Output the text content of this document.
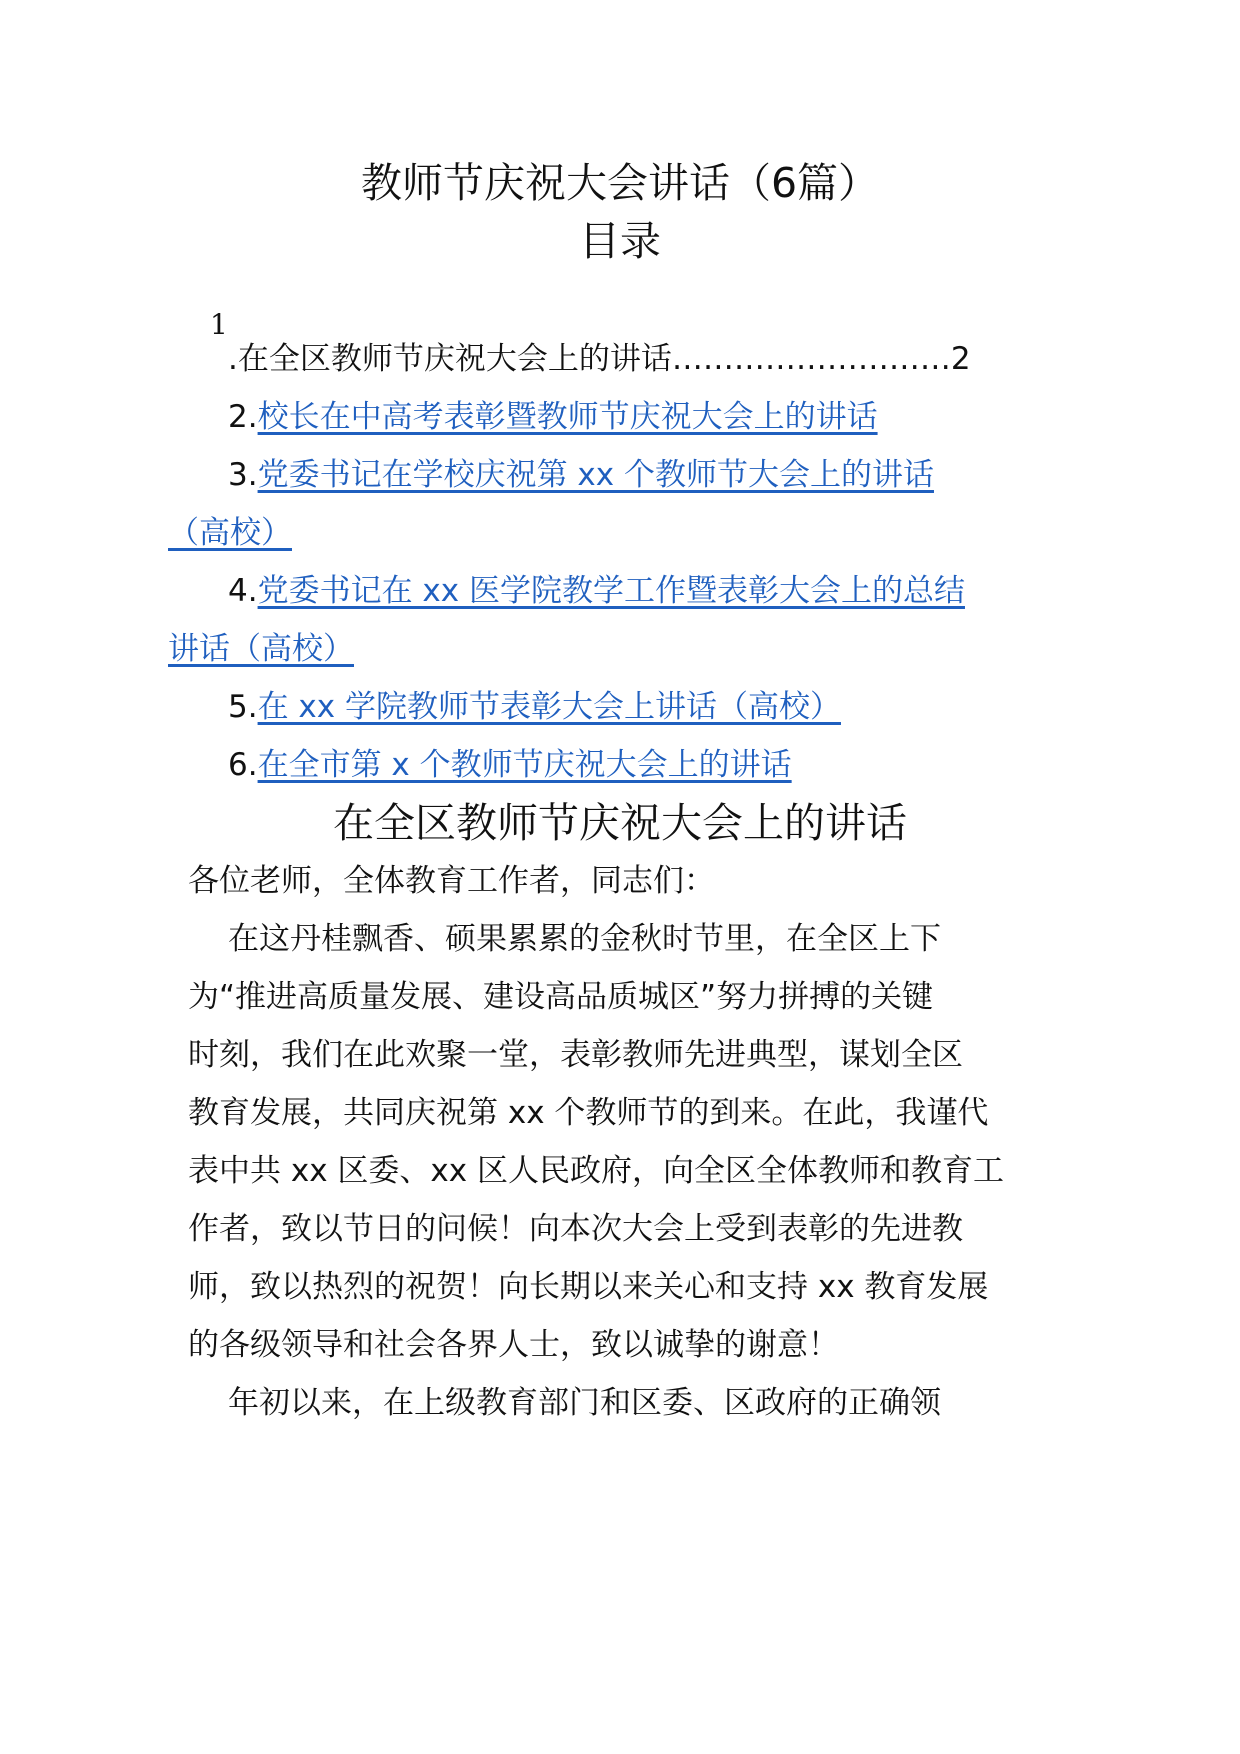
教师节庆祝大会讲话（6篇）
目录
1
.在全区教师节庆祝大会上的讲话………………………2
2.校长在中高考表彰暨教师节庆祝大会上的讲话
3.党委书记在学校庆祝第 xx 个教师节大会上的讲话
（高校）
4.党委书记在 xx 医学院教学工作暨表彰大会上的总结
讲话（高校）
5.在 xx 学院教师节表彰大会上讲话（高校）
6.在全市第 x 个教师节庆祝大会上的讲话
在全区教师节庆祝大会上的讲话
各位老师，全体教育工作者，同志们：
在这丹桂飘香、硕果累累的金秋时节里，在全区上下
为“推进高质量发展、建设高品质城区”努力拼搏的关键
时刻，我们在此欢聚一堂，表彰教师先进典型，谋划全区
教育发展，共同庆祝第 xx 个教师节的到来。在此，我谨代
表中共 xx 区委、xx 区人民政府，向全区全体教师和教育工
作者，致以节日的问候！向本次大会上受到表彰的先进教
师，致以热烈的祝贺！向长期以来关心和支持 xx 教育发展
的各级领导和社会各界人士，致以诚挚的谢意！
年初以来，在上级教育部门和区委、区政府的正确领
